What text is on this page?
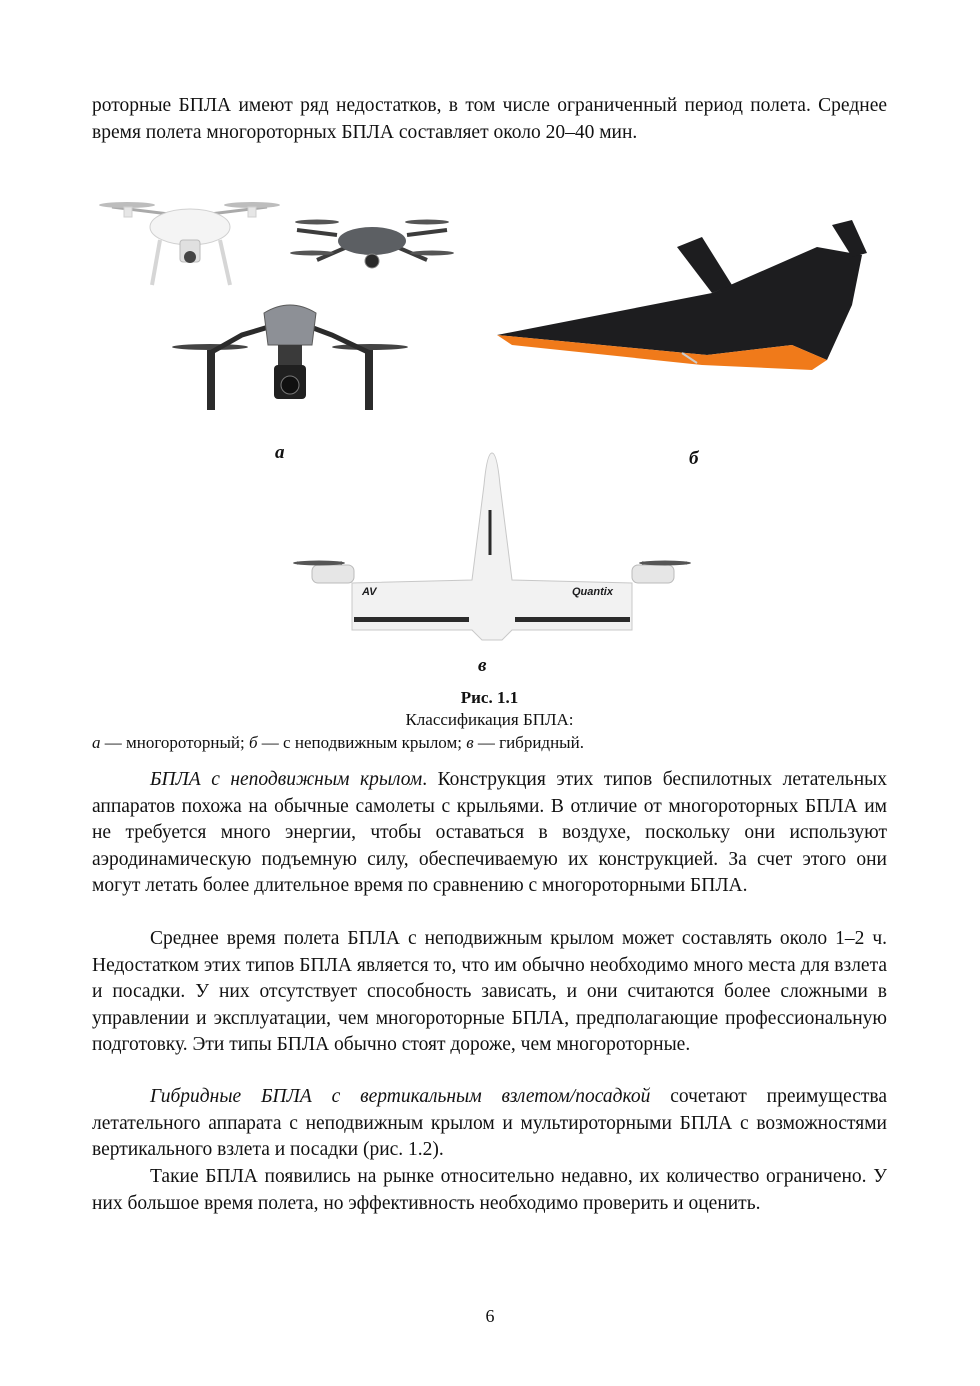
роторные БПЛА имеют ряд недостатков, в том числе ограниченный период полета. Среднее время полета многороторных БПЛА составляет около 20–40 мин.

AV	Quantix
а	б
в
Рис. 1.1
Классификация БПЛА:
а — многороторный; б — с неподвижным крылом; в — гибридный.

БПЛА с неподвижным крылом. Конструкция этих типов беспилотных летательных аппаратов похожа на обычные самолеты с крыльями. В отличие от многороторных БПЛА им не требуется много энергии, чтобы оставаться в воздухе, поскольку они используют аэродинамическую подъемную силу, обеспечиваемую их конструкцией. За счет этого они могут летать более длительное время по сравнению с многороторными БПЛА.

Среднее время полета БПЛА с неподвижным крылом может составлять около 1–2 ч. Недостатком этих типов БПЛА является то, что им обычно необходимо много места для взлета и посадки. У них отсутствует способность зависать, и они считаются более сложными в управлении и эксплуатации, чем многороторные БПЛА, предполагающие профессиональную подготовку. Эти типы БПЛА обычно стоят дороже, чем многороторные.

Гибридные БПЛА с вертикальным взлетом/посадкой сочетают преимущества летательного аппарата с неподвижным крылом и мультироторными БПЛА с возможностями вертикального взлета и посадки (рис. 1.2).

Такие БПЛА появились на рынке относительно недавно, их количество ограничено. У них большое время полета, но эффективность необходимо проверить и оценить.

6
